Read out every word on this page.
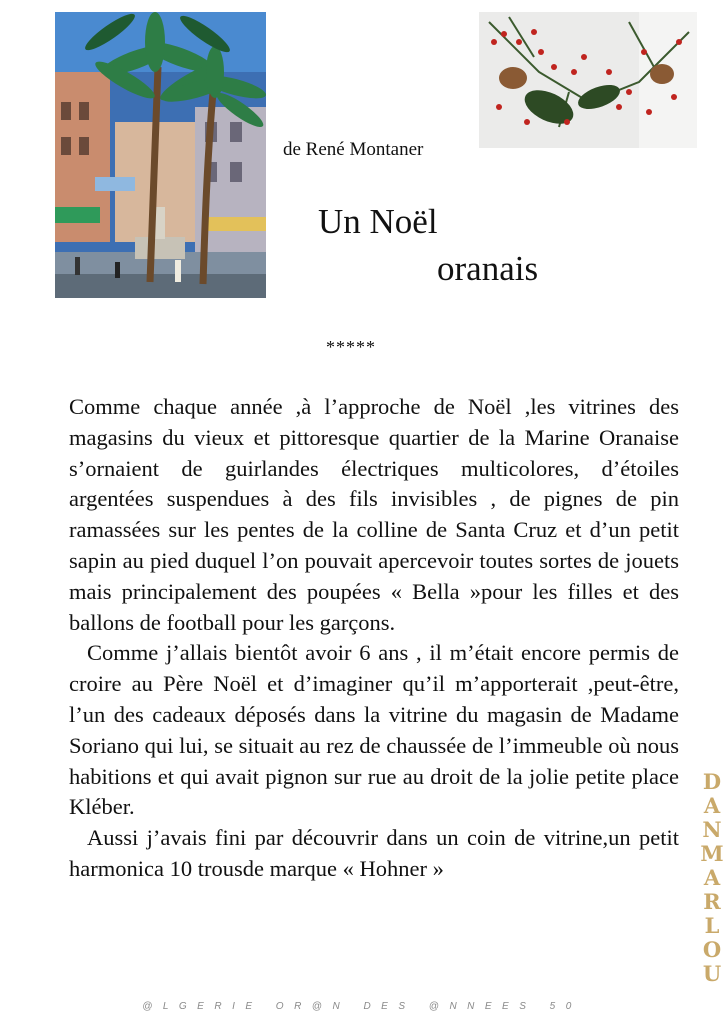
de René Montaner
Un Noël
oranais
*****

Comme chaque année ,à l’approche de Noël ,les vitrines des magasins du vieux et pittoresque quartier de la Marine Oranaise s’ornaient de guirlandes électriques multicolores, d’étoiles argentées suspendues à des fils invisibles , de pignes de pin ramassées sur les pentes de la colline de Santa Cruz et d’un petit sapin au pied duquel l’on pouvait apercevoir toutes sortes de jouets mais principalement des poupées « Bella »pour les filles et des ballons de football pour les garçons.

Comme j’allais bientôt avoir 6 ans , il m’était encore permis de croire au Père Noël et d’imaginer qu’il m’apporterait ,peut-être, l’un des cadeaux déposés dans la vitrine du magasin de Madame Soriano qui lui, se situait au rez de chaussée de l’immeuble où nous habitions et qui avait pignon sur rue au droit de la jolie petite place Kléber.

Aussi j’avais fini par découvrir dans un coin de vitrine,un petit harmonica 10 trousde marque « Hohner »

DANMARLOU
@LGERIE OR@N DES @NNEES 50
